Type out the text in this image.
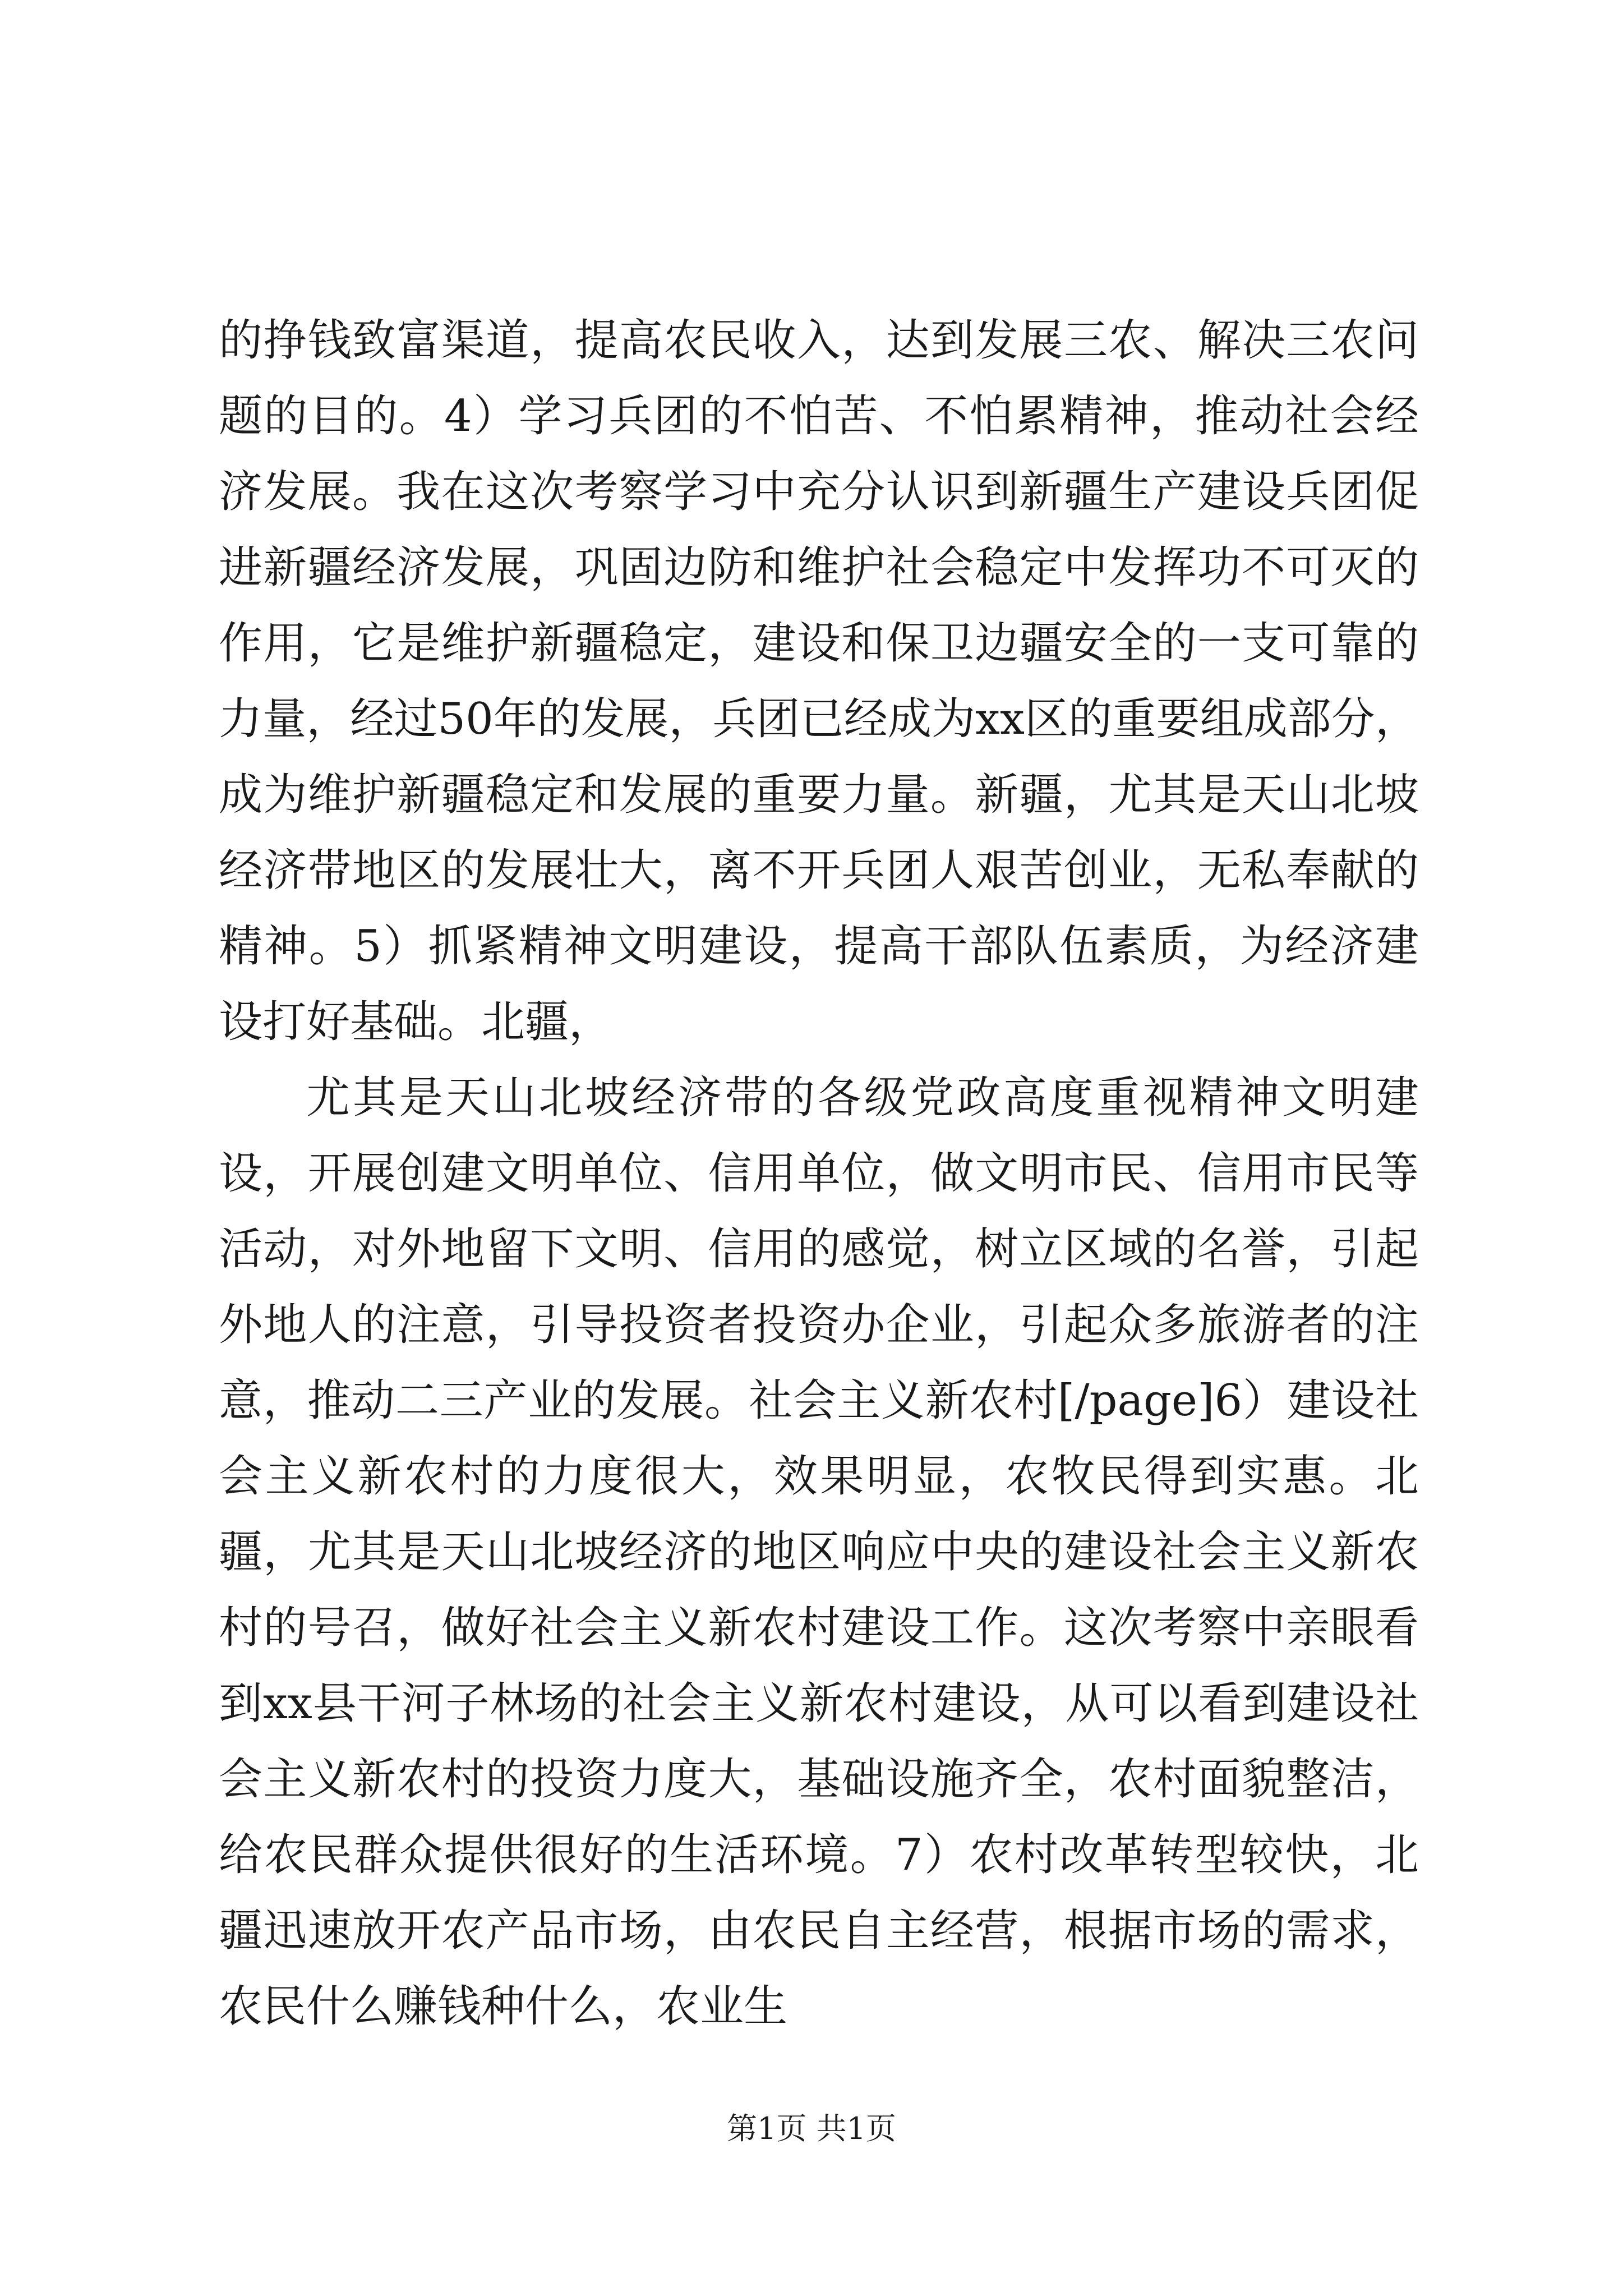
的挣钱致富渠道，提高农民收入，达到发展三农、解决三农问题的目的。4）学习兵团的不怕苦、不怕累精神，推动社会经济发展。我在这次考察学习中充分认识到新疆生产建设兵团促进新疆经济发展，巩固边防和维护社会稳定中发挥功不可灭的作用，它是维护新疆稳定，建设和保卫边疆安全的一支可靠的力量，经过50年的发展，兵团已经成为xx区的重要组成部分，成为维护新疆稳定和发展的重要力量。新疆，尤其是天山北坡经济带地区的发展壮大，离不开兵团人艰苦创业，无私奉献的精神。5）抓紧精神文明建设，提高干部队伍素质，为经济建设打好基础。北疆，

尤其是天山北坡经济带的各级党政高度重视精神文明建设，开展创建文明单位、信用单位，做文明市民、信用市民等活动，对外地留下文明、信用的感觉，树立区域的名誉，引起外地人的注意，引导投资者投资办企业，引起众多旅游者的注意，推动二三产业的发展。社会主义新农村[/page]6）建设社会主义新农村的力度很大，效果明显，农牧民得到实惠。北疆，尤其是天山北坡经济的地区响应中央的建设社会主义新农村的号召，做好社会主义新农村建设工作。这次考察中亲眼看到xx县干河子林场的社会主义新农村建设，从可以看到建设社会主义新农村的投资力度大，基础设施齐全，农村面貌整洁，给农民群众提供很好的生活环境。7）农村改革转型较快，北疆迅速放开农产品市场，由农民自主经营，根据市场的需求，农民什么赚钱种什么，农业生

第1页 共1页
